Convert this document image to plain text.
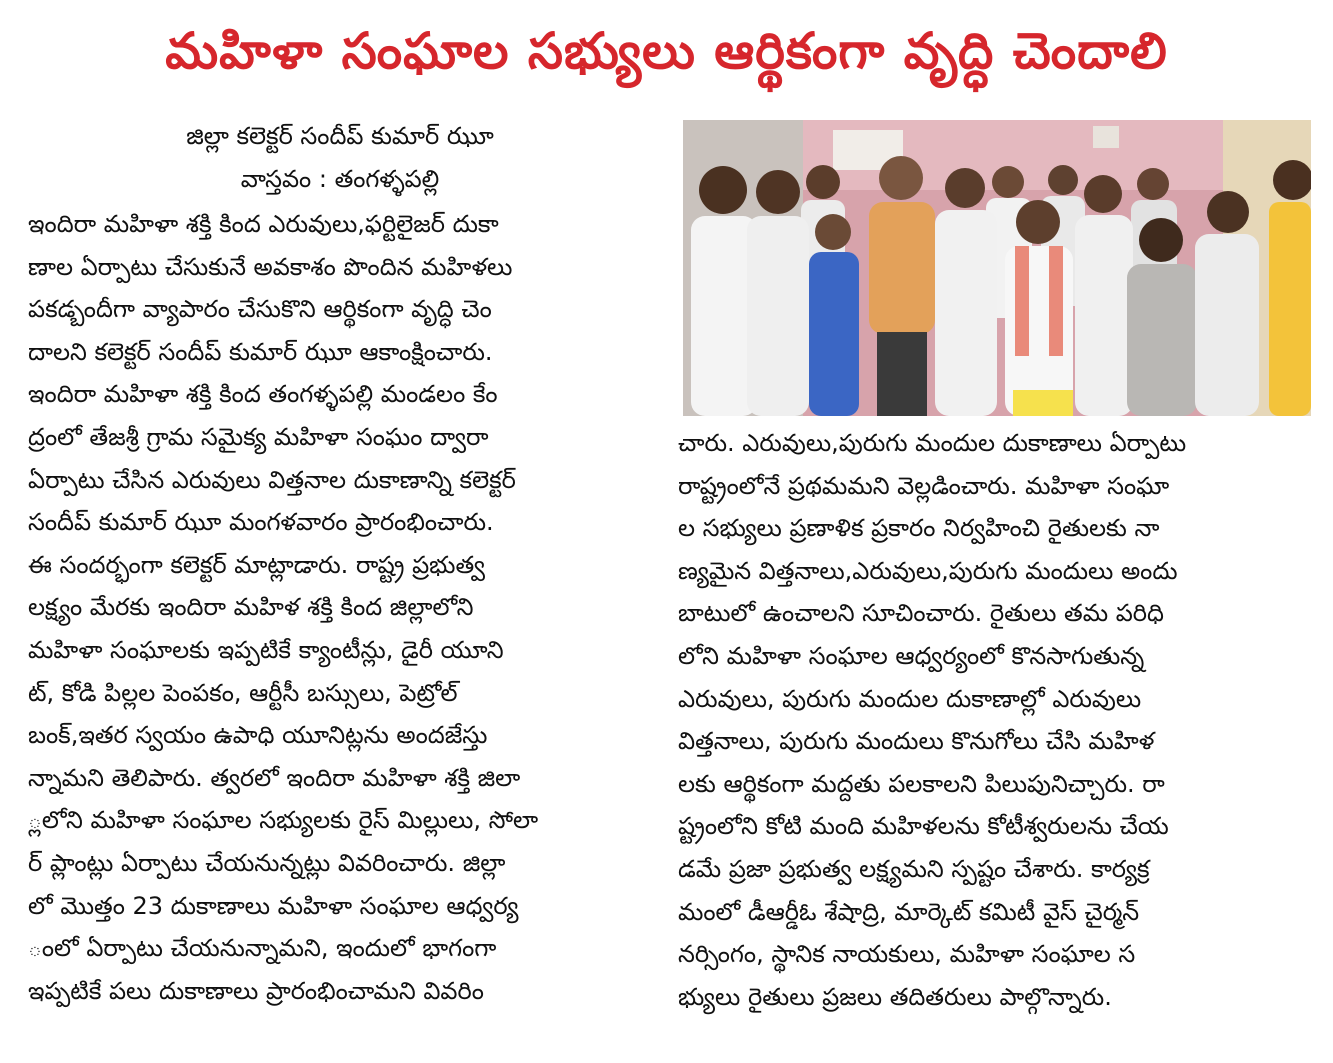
మహిళా సంఘాల సభ్యులు ఆర్థికంగా వృద్ధి చెందాలి
జిల్లా కలెక్టర్ సందీప్ కుమార్ ఝూ
వాస్తవం : తంగళ్ళపల్లి
ఇందిరా మహిళా శక్తి కింద ఎరువులు,ఫర్టిలైజర్ దుకా
ణాల ఏర్పాటు చేసుకునే అవకాశం పొందిన మహిళలు
పకడ్బందీగా వ్యాపారం చేసుకొని ఆర్థికంగా వృద్ధి చెం
దాలని కలెక్టర్ సందీప్ కుమార్ ఝూ ఆకాంక్షించారు.
ఇందిరా మహిళా శక్తి కింద తంగళ్ళపల్లి మండలం కేం
ద్రంలో తేజశ్రీ గ్రామ సమైక్య మహిళా సంఘం ద్వారా
ఏర్పాటు చేసిన ఎరువులు విత్తనాల దుకాణాన్ని కలెక్టర్
సందీప్ కుమార్ ఝూ మంగళవారం ప్రారంభించారు.
ఈ సందర్భంగా కలెక్టర్ మాట్లాడారు. రాష్ట్ర ప్రభుత్వ
లక్ష్యం మేరకు ఇందిరా మహిళ శక్తి కింద జిల్లాలోని
మహిళా సంఘాలకు ఇప్పటికే క్యాంటీన్లు, డైరీ యూని
ట్, కోడి పిల్లల పెంపకం, ఆర్టీసీ బస్సులు, పెట్రోల్
బంక్,ఇతర స్వయం ఉపాధి యూనిట్లను అందజేస్తు
న్నామని తెలిపారు. త్వరలో ఇందిరా మహిళా శక్తి జిలా
్లలోని మహిళా సంఘాల సభ్యులకు రైస్ మిల్లులు, సోలా
ర్ ప్లాంట్లు ఏర్పాటు చేయనున్నట్లు వివరించారు. జిల్లా
లో మొత్తం 23 దుకాణాలు మహిళా సంఘాల ఆధ్వర్య
ంలో ఏర్పాటు చేయనున్నామని, ఇందులో భాగంగా
ఇప్పటికే పలు దుకాణాలు ప్రారంభించామని వివరిం
చారు. ఎరువులు,పురుగు మందుల దుకాణాలు ఏర్పాటు
రాష్ట్రంలోనే ప్రథమమని వెల్లడించారు. మహిళా సంఘా
ల సభ్యులు ప్రణాళిక ప్రకారం నిర్వహించి రైతులకు నా
ణ్యమైన విత్తనాలు,ఎరువులు,పురుగు మందులు అందు
బాటులో ఉంచాలని సూచించారు. రైతులు తమ పరిధి
లోని మహిళా సంఘాల ఆధ్వర్యంలో కొనసాగుతున్న
ఎరువులు, పురుగు మందుల దుకాణాల్లో ఎరువులు
విత్తనాలు, పురుగు మందులు కొనుగోలు చేసి మహిళ
లకు ఆర్థికంగా మద్దతు పలకాలని పిలుపునిచ్చారు. రా
ష్ట్రంలోని కోటి మంది మహిళలను కోటీశ్వరులను చేయ
డమే ప్రజా ప్రభుత్వ లక్ష్యమని స్పష్టం చేశారు. కార్యక్ర
మంలో డీఆర్డీఓ శేషాద్రి, మార్కెట్ కమిటీ వైస్ చైర్మన్
నర్సింగం, స్థానిక నాయకులు, మహిళా సంఘాల స
భ్యులు రైతులు ప్రజలు తదితరులు పాల్గొన్నారు.
